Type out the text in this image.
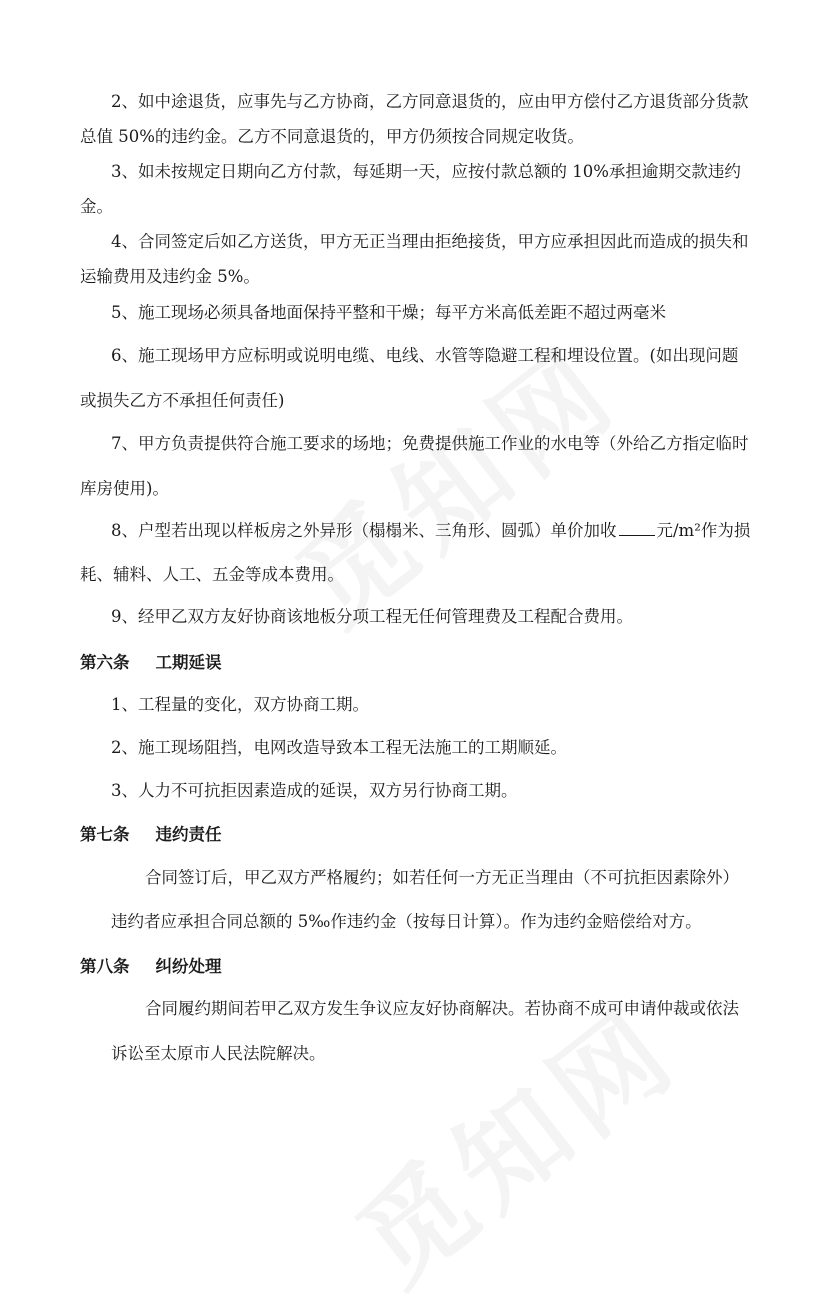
2、如中途退货，应事先与乙方协商，乙方同意退货的，应由甲方偿付乙方退货部分货款
总值 50%的违约金。乙方不同意退货的，甲方仍须按合同规定收货。
3、如未按规定日期向乙方付款，每延期一天，应按付款总额的 10%承担逾期交款违约
金。
4、合同签定后如乙方送货，甲方无正当理由拒绝接货，甲方应承担因此而造成的损失和
运输费用及违约金 5%。
5、施工现场必须具备地面保持平整和干燥；每平方米高低差距不超过两毫米
6、施工现场甲方应标明或说明电缆、电线、水管等隐避工程和埋设位置。(如出现问题
或损失乙方不承担任何责任)
7、甲方负责提供符合施工要求的场地；免费提供施工作业的水电等（外给乙方指定临时
库房使用)。
8、户型若出现以样板房之外异形（榻榻米、三角形、圆弧）单价加收 元/m²作为损
耗、辅料、人工、五金等成本费用。
9、经甲乙双方友好协商该地板分项工程无任何管理费及工程配合费用。
第六条 工期延误
1、工程量的变化，双方协商工期。
2、施工现场阻挡，电网改造导致本工程无法施工的工期顺延。
3、人力不可抗拒因素造成的延误，双方另行协商工期。
第七条 违约责任
合同签订后，甲乙双方严格履约；如若任何一方无正当理由（不可抗拒因素除外）
违约者应承担合同总额的 5‰作违约金（按每日计算）。作为违约金赔偿给对方。
第八条 纠纷处理
合同履约期间若甲乙双方发生争议应友好协商解决。若协商不成可申请仲裁或依法
诉讼至太原市人民法院解决。
